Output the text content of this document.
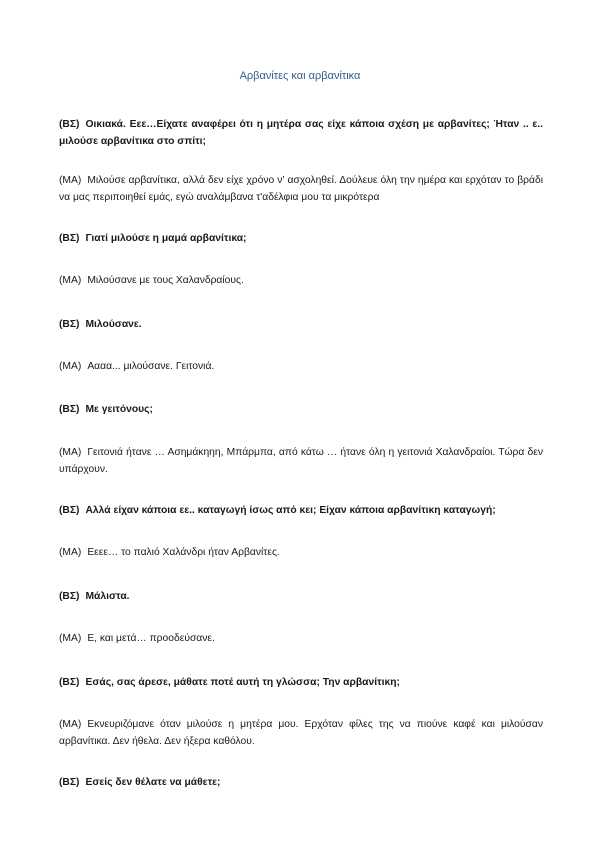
Αρβανίτες και αρβανίτικα
(ΒΣ) Οικιακά. Εεε…Είχατε αναφέρει ότι η μητέρα σας είχε κάποια σχέση με αρβανίτες; Ήταν .. ε.. μιλούσε αρβανίτικα στο σπίτι;
(ΜΑ) Μιλούσε αρβανίτικα, αλλά δεν είχε χρόνο ν' ασχοληθεί. Δούλευε όλη την ημέρα και ερχόταν το βράδι να μας περιποιηθεί εμάς, εγώ αναλάμβανα τ'αδέλφια μου τα μικρότερα
(ΒΣ) Γιατί μιλούσε η μαμά αρβανίτικα;
(ΜΑ) Μιλούσανε με τους Χαλανδραίους.
(ΒΣ) Μιλούσανε.
(ΜΑ) Αααα... μιλούσανε. Γειτονιά.
(ΒΣ) Με γειτόνους;
(ΜΑ) Γειτονιά ήτανε … Ασημάκηηη, Μπάρμπα, από κάτω … ήτανε όλη η γειτονιά Χαλανδραίοι. Τώρα δεν υπάρχουν.
(ΒΣ) Αλλά είχαν κάποια εε.. καταγωγή ίσως από κει; Είχαν κάποια αρβανίτικη καταγωγή;
(ΜΑ) Εεεε… το παλιό Χαλάνδρι ήταν Αρβανίτες.
(ΒΣ) Μάλιστα.
(ΜΑ) Ε, και μετά… προοδεύσανε.
(ΒΣ) Εσάς, σας άρεσε, μάθατε ποτέ αυτή τη γλώσσα; Την αρβανίτικη;
(ΜΑ) Εκνευριζόμανε όταν μιλούσε η μητέρα μου. Ερχόταν φίλες της να πιούνε καφέ και μιλούσαν αρβανίτικα. Δεν ήθελα. Δεν ήξερα καθόλου.
(ΒΣ) Εσείς δεν θέλατε να μάθετε;
